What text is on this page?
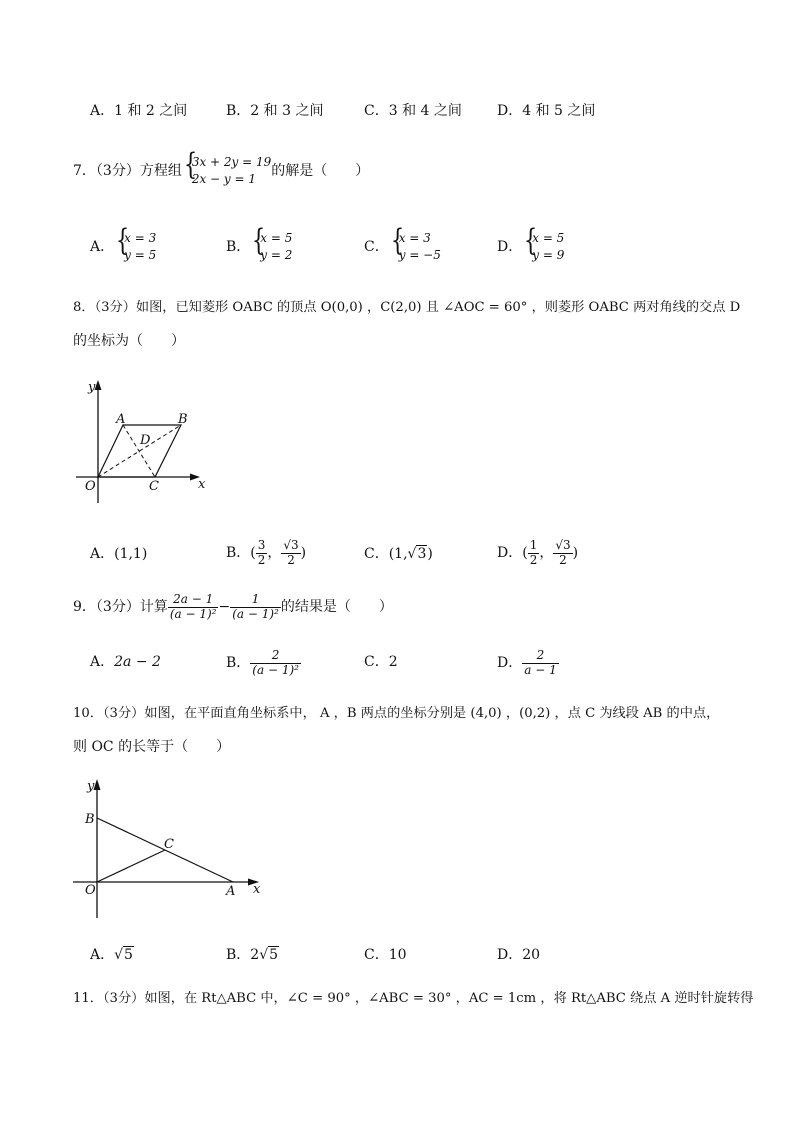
A．1 和 2 之间	B．2 和 3 之间	C．3 和 4 之间	D．4 和 5 之间
7．（3分）方程组 {
3x + 2y = 19
2x − y = 1	的解是（　　）
A． {
x = 3
y = 5	B． {
x = 5
y = 2	C． {
x = 3
y = −5	D． {
x = 5
y = 9
8．（3分）如图，已知菱形 OABC 的顶点 O(0,0) ，C(2,0) 且 ∠AOC = 60° ，则菱形 OABC 两对角线的交点 D
的坐标为（　　）
y
x
A	B
D
O	C
A．(1,1)	B．( $\frac{3}{2}$ ， $\frac{√3}{2}$ )	C．(1,√3)	D．( $\frac{1}{2}$ ， $\frac{√3}{2}$ )
9．（3分）计算 $\frac{2a - 1}{\text{(a − 1)²}} - \frac{1}{\text{(a − 1)²}}$ 的结果是（　　）
A．2a − 2	B． $\frac{2}{\text{(a − 1)²}}$	C．2	D． $\frac{2}{a - 1}$
10．（3分）如图，在平面直角坐标系中， A ，B 两点的坐标分别是 (4,0) ，(0,2) ，点 C 为线段 AB 的中点，
则 OC 的长等于（　　）
y
x
B
C
O	A
A．√5	B．2√5	C．10	D．20
11．（3分）如图，在 Rt△ABC 中，∠C = 90° ，∠ABC = 30° ，AC = 1cm ，将 Rt△ABC 绕点 A 逆时针旋转得
